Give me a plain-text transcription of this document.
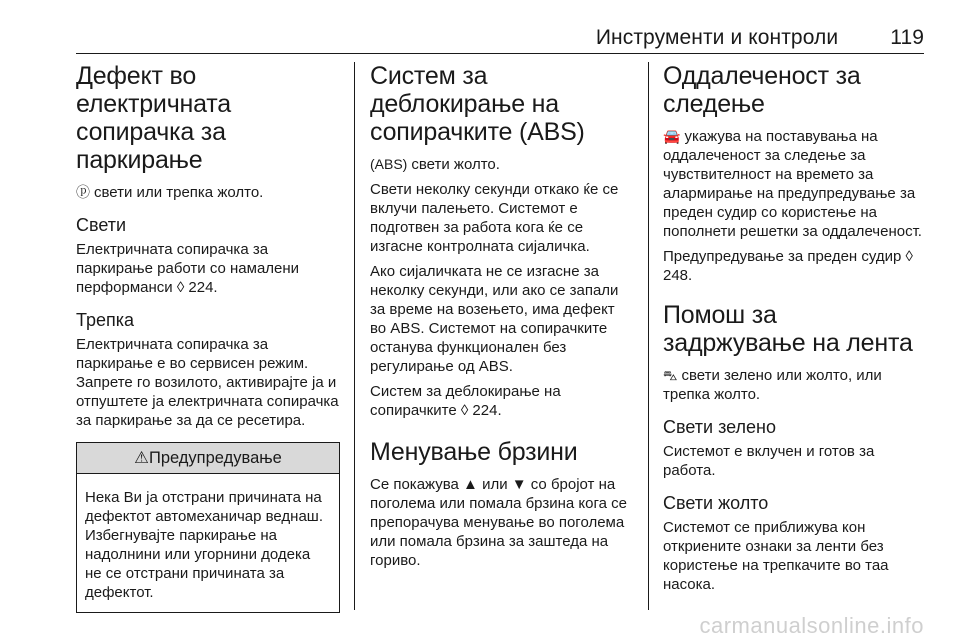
Инструменти и контроли 119
Дефект во електричната сопирачка за паркирање

ⓟ свети или трепка жолто.

Свети

Електричната сопирачка за паркирање работи со намалени перформанси ◊ 224.

Трепка

Електричната сопирачка за паркирање е во сервисен режим. Запрете го возилото, активирајте ја и отпуштете ја електричната сопирачка за паркирање за да се ресетира.

⚠Предупредување
Нека Ви ја отстрани причината на дефектот автомеханичар веднаш. Избегнувајте паркирање на надолнини или угорнини додека не се отстрани причината за дефектот.
Систем за деблокирање на сопирачките (ABS)

(ABS) свети жолто.

Свети неколку секунди откако ќе се вклучи палењето. Системот е подготвен за работа кога ќе се изгасне контролната сијаличка.

Ако сијаличката не се изгасне за неколку секунди, или ако се запали за време на возењето, има дефект во ABS. Системот на сопирачките останува функционален без регулирање од ABS.

Систем за деблокирање на сопирачките ◊ 224.

Менување брзини

Се покажува ▲ или ▼ со бројот на поголема или помала брзина кога се препорачува менување во поголема или помала брзина за заштеда на гориво.

Оддалеченост за следење

🚘 укажува на поставувања на оддалеченост за следење за чувствителност на времето за алармирање на предупредување за преден судир со користење на пополнети решетки за оддалеченост.

Предупредување за преден судир ◊ 248.

Помош за задржување на лента

⛍ свети зелено или жолто, или трепка жолто.

Свети зелено

Системот е вклучен и готов за работа.

Свети жолто

Системот се приближува кон откриените ознаки за ленти без користење на трепкачите во таа насока.

carmanualsonline.info
